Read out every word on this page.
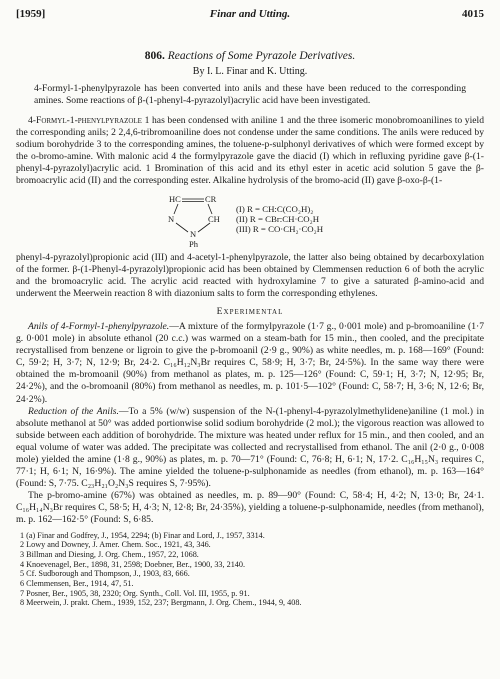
[1959]	Finar and Utting.	4015
806. Reactions of Some Pyrazole Derivatives.
By I. L. Finar and K. Utting.
4-Formyl-1-phenylpyrazole has been converted into anils and these have been reduced to the corresponding amines. Some reactions of β-(1-phenyl-4-pyrazolyl)acrylic acid have been investigated.

4-Formyl-1-phenylpyrazole 1 has been condensed with aniline 1 and the three isomeric monobromoanilines to yield the corresponding anils; 2 2,4,6-tribromoaniline does not condense under the same conditions. The anils were reduced by sodium borohydride 3 to the corresponding amines, the toluene-p-sulphonyl derivatives of which were formed except by the o-bromo-amine. With malonic acid 4 the formylpyrazole gave the diacid (I) which in refluxing pyridine gave β-(1-phenyl-4-pyrazolyl)acrylic acid. 1 Bromination of this acid and its ethyl ester in acetic acid solution 5 gave the β-bromoacrylic acid (II) and the corresponding ester. Alkaline hydrolysis of the bromo-acid (II) gave β-oxo-β-(1-

HC	CR
N	CH
N
Ph
(I) R = CH:C(CO₂H)₂
(II) R = CBr:CH·CO₂H
(III) R = CO·CH₂·CO₂H

phenyl-4-pyrazolyl)propionic acid (III) and 4-acetyl-1-phenylpyrazole, the latter also being obtained by decarboxylation of the former. β-(1-Phenyl-4-pyrazolyl)propionic acid has been obtained by Clemmensen reduction 6 of both the acrylic and the bromoacrylic acid. The acrylic acid reacted with hydroxylamine 7 to give a saturated β-amino-acid and underwent the Meerwein reaction 8 with diazonium salts to form the corresponding ethylenes.

Experimental

Anils of 4-Formyl-1-phenylpyrazole.—A mixture of the formylpyrazole (1·7 g., 0·001 mole) and p-bromoaniline (1·7 g. 0·001 mole) in absolute ethanol (20 c.c.) was warmed on a steam-bath for 15 min., then cooled, and the precipitate recrystallised from benzene or ligroin to give the p-bromoanil (2·9 g., 90%) as white needles, m. p. 168—169° (Found: C, 59·2; H, 3·7; N, 12·9; Br, 24·2. C₁₆H₁₂N₃Br requires C, 58·9; H, 3·7; Br, 24·5%). In the same way there were obtained the m-bromoanil (90%) from methanol as plates, m. p. 125—126° (Found: C, 59·1; H, 3·7; N, 12·95; Br, 24·2%), and the o-bromoanil (80%) from methanol as needles, m. p. 101·5—102° (Found: C, 58·7; H, 3·6; N, 12·6; Br, 24·2%).

Reduction of the Anils.—To a 5% (w/w) suspension of the N-(1-phenyl-4-pyrazolylmethylidene)aniline (1 mol.) in absolute methanol at 50° was added portionwise solid sodium borohydride (2 mol.); the vigorous reaction was allowed to subside between each addition of borohydride. The mixture was heated under reflux for 15 min., and then cooled, and an equal volume of water was added. The precipitate was collected and recrystallised from ethanol. The anil (2·0 g., 0·008 mole) yielded the amine (1·8 g., 90%) as plates, m. p. 70—71° (Found: C, 76·8; H, 6·1; N, 17·2. C₁₆H₁₅N₃ requires C, 77·1; H, 6·1; N, 16·9%). The amine yielded the toluene-p-sulphonamide as needles (from ethanol), m. p. 163—164° (Found: S, 7·75. C₂₃H₂₁O₂N₃S requires S, 7·95%).

The p-bromo-amine (67%) was obtained as needles, m. p. 89—90° (Found: C, 58·4; H, 4·2; N, 13·0; Br, 24·1. C₁₆H₁₄N₃Br requires C, 58·5; H, 4·3; N, 12·8; Br, 24·35%), yielding a toluene-p-sulphonamide, needles (from methanol), m. p. 162—162·5° (Found: S, 6·85.

1 (a) Finar and Godfrey, J., 1954, 2294; (b) Finar and Lord, J., 1957, 3314.
2 Lowy and Downey, J. Amer. Chem. Soc., 1921, 43, 346.
3 Billman and Diesing, J. Org. Chem., 1957, 22, 1068.
4 Knoevenagel, Ber., 1898, 31, 2598; Doebner, Ber., 1900, 33, 2140.
5 Cf. Sudborough and Thompson, J., 1903, 83, 666.
6 Clemmensen, Ber., 1914, 47, 51.
7 Posner, Ber., 1905, 38, 2320; Org. Synth., Coll. Vol. III, 1955, p. 91.
8 Meerwein, J. prakt. Chem., 1939, 152, 237; Bergmann, J. Org. Chem., 1944, 9, 408.
